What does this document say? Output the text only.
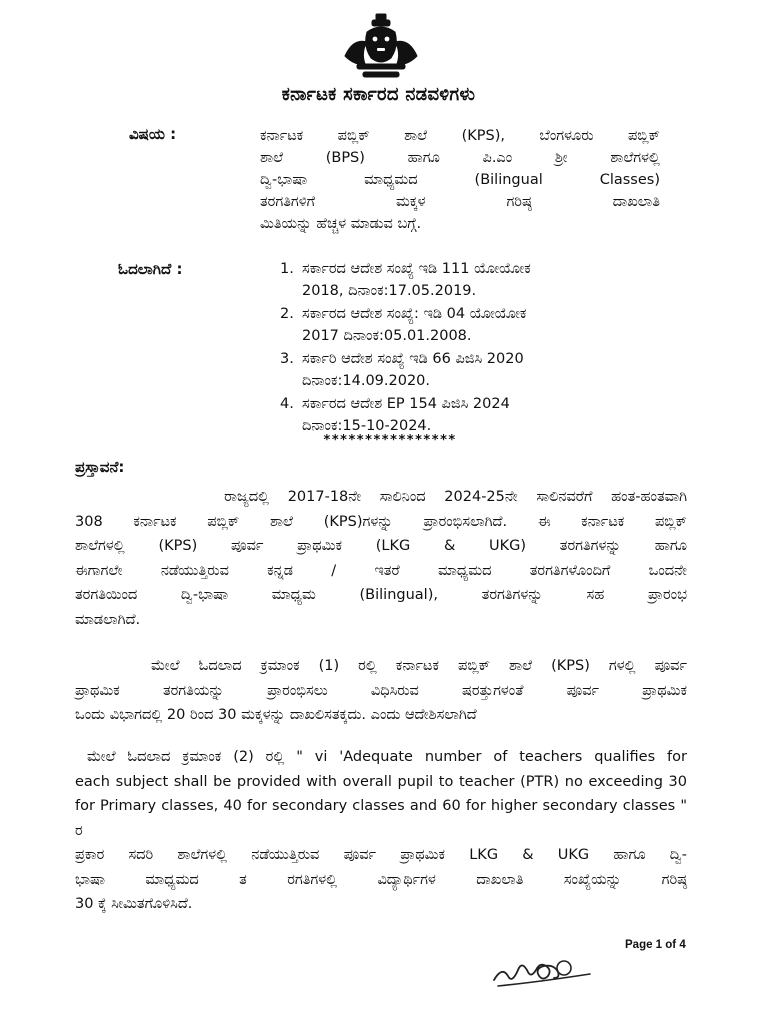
ಕರ್ನಾಟಕ ಸರ್ಕಾರದ ನಡವಳಿಗಳು
ವಿಷಯ :	ಕರ್ನಾಟಕ ಪಬ್ಲಿಕ್ ಶಾಲೆ (KPS), ಬೆಂಗಳೂರು ಪಬ್ಲಿಕ್
ಶಾಲೆ (BPS) ಹಾಗೂ ಪಿ.ಎಂ ಶ್ರೀ ಶಾಲೆಗಳಲ್ಲಿ
ದ್ವಿ-ಭಾಷಾ ಮಾಧ್ಯಮದ (Bilingual Classes)
ತರಗತಿಗಳಿಗೆ ಮಕ್ಕಳ ಗರಿಷ್ಠ ದಾಖಲಾತಿ
ಮಿತಿಯನ್ನು ಹೆಚ್ಚಳ ಮಾಡುವ ಬಗ್ಗೆ.
ಓದಲಾಗಿದೆ :	1. ಸರ್ಕಾರದ ಆದೇಶ ಸಂಖ್ಯೆ ಇಡಿ 111 ಯೋಯೋಕ
2018, ದಿನಾಂಕ:17.05.2019.
2. ಸರ್ಕಾರದ ಆದೇಶ ಸಂಖ್ಯೆ: ಇಡಿ 04 ಯೋಯೋಕ
2017 ದಿನಾಂಕ:05.01.2008.
3. ಸರ್ಕಾರಿ ಆದೇಶ ಸಂಖ್ಯೆ ಇಡಿ 66 ಪಿಜಿಸಿ 2020
ದಿನಾಂಕ:14.09.2020.
4. ಸರ್ಕಾರದ ಆದೇಶ EP 154 ಪಿಜಿಸಿ 2024
ದಿನಾಂಕ:15-10-2024.
****************
ಪ್ರಸ್ತಾವನೆ:
ರಾಜ್ಯದಲ್ಲಿ 2017-18ನೇ ಸಾಲಿನಿಂದ 2024-25ನೇ ಸಾಲಿನವರೆಗೆ ಹಂತ-ಹಂತವಾಗಿ
308 ಕರ್ನಾಟಕ ಪಬ್ಲಿಕ್ ಶಾಲೆ (KPS)ಗಳನ್ನು ಪ್ರಾರಂಭಿಸಲಾಗಿದೆ. ಈ ಕರ್ನಾಟಕ ಪಬ್ಲಿಕ್
ಶಾಲೆಗಳಲ್ಲಿ (KPS) ಪೂರ್ವ ಪ್ರಾಥಮಿಕ (LKG & UKG) ತರಗತಿಗಳನ್ನು ಹಾಗೂ
ಈಗಾಗಲೇ ನಡೆಯುತ್ತಿರುವ ಕನ್ನಡ / ಇತರೆ ಮಾಧ್ಯಮದ ತರಗತಿಗಳೊಂದಿಗೆ ಒಂದನೇ
ತರಗತಿಯಿಂದ ದ್ವಿ-ಭಾಷಾ ಮಾಧ್ಯಮ (Bilingual), ತರಗತಿಗಳನ್ನು ಸಹ ಪ್ರಾರಂಭ
ಮಾಡಲಾಗಿದೆ.
ಮೇಲೆ ಓದಲಾದ ಕ್ರಮಾಂಕ (1) ರಲ್ಲಿ ಕರ್ನಾಟಕ ಪಬ್ಲಿಕ್ ಶಾಲೆ (KPS) ಗಳಲ್ಲಿ ಪೂರ್ವ
ಪ್ರಾಥಮಿಕ ತರಗತಿಯನ್ನು ಪ್ರಾರಂಭಿಸಲು ವಿಧಿಸಿರುವ ಷರತ್ತುಗಳಂತೆ ಪೂರ್ವ ಪ್ರಾಥಮಿಕ
ಒಂದು ವಿಭಾಗದಲ್ಲಿ 20 ರಿಂದ 30 ಮಕ್ಕಳನ್ನು ದಾಖಲಿಸತಕ್ಕದು. ಎಂದು ಆದೇಶಿಸಲಾಗಿದೆ
ಮೇಲೆ ಓದಲಾದ ಕ್ರಮಾಂಕ (2) ರಲ್ಲಿ " vi 'Adequate number of teachers qualifies for
each subject shall be provided with overall pupil to teacher (PTR) no exceeding 30
for Primary classes, 40 for secondary classes and 60 for higher secondary classes " ರ
ಪ್ರಕಾರ ಸದರಿ ಶಾಲೆಗಳಲ್ಲಿ ನಡೆಯುತ್ತಿರುವ ಪೂರ್ವ ಪ್ರಾಥಮಿಕ LKG & UKG ಹಾಗೂ ದ್ವಿ-
ಭಾಷಾ ಮಾಧ್ಯಮದ ತ ರಗತಿಗಳಲ್ಲಿ ವಿದ್ಯಾರ್ಥಿಗಳ ದಾಖಲಾತಿ ಸಂಖ್ಯೆಯನ್ನು ಗರಿಷ್ಠ
30 ಕ್ಕೆ ಸೀಮಿತಗೊಳಿಸಿದೆ.
Page 1 of 4
